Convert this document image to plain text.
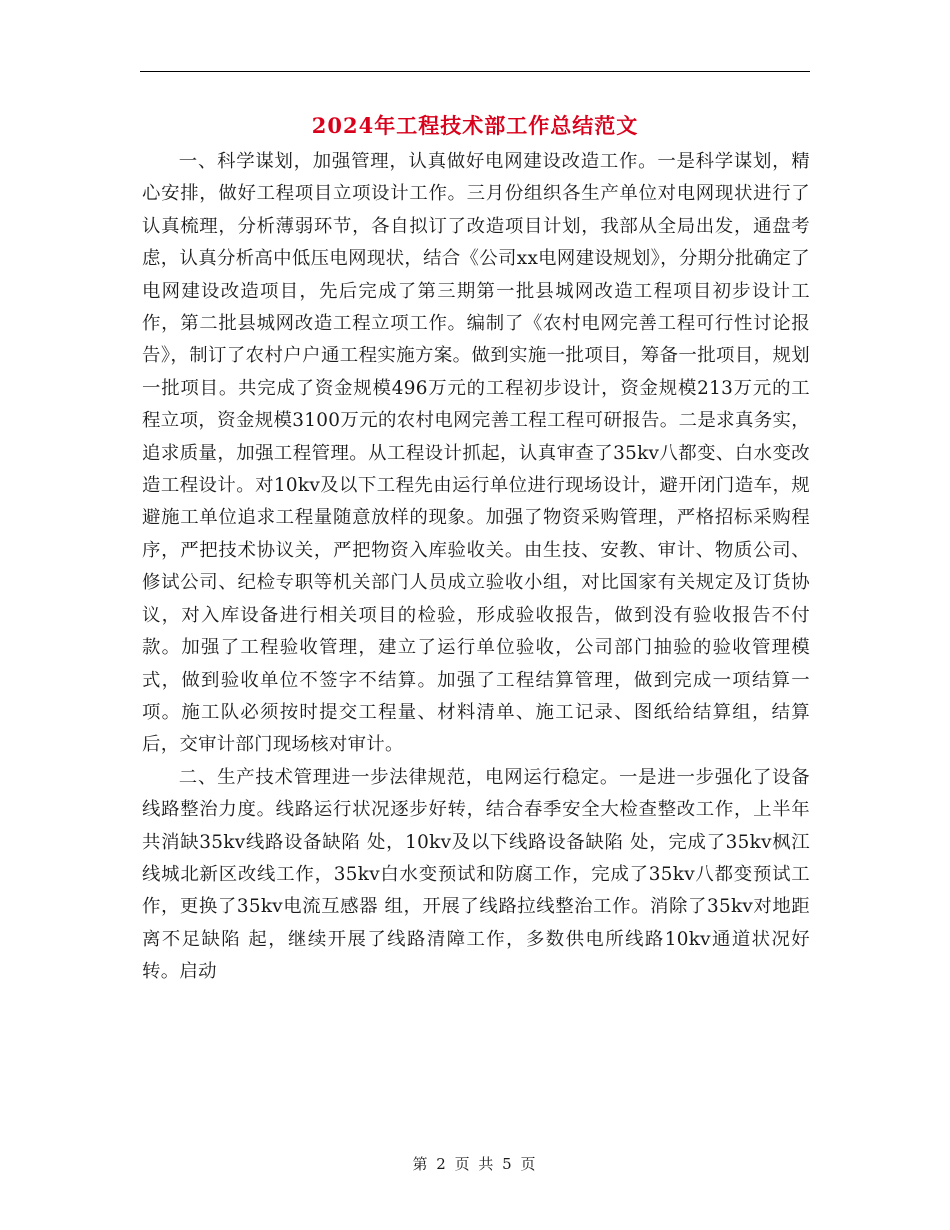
2024年工程技术部工作总结范文

一、科学谋划，加强管理，认真做好电网建设改造工作。一是科学谋划，精心安排，做好工程项目立项设计工作。三月份组织各生产单位对电网现状进行了认真梳理，分析薄弱环节，各自拟订了改造项目计划，我部从全局出发，通盘考虑，认真分析高中低压电网现状，结合《公司xx电网建设规划》，分期分批确定了电网建设改造项目，先后完成了第三期第一批县城网改造工程项目初步设计工作，第二批县城网改造工程立项工作。编制了《农村电网完善工程可行性讨论报告》，制订了农村户户通工程实施方案。做到实施一批项目，筹备一批项目，规划一批项目。共完成了资金规模496万元的工程初步设计，资金规模213万元的工程立项，资金规模3100万元的农村电网完善工程工程可研报告。二是求真务实，追求质量，加强工程管理。从工程设计抓起，认真审查了35kv八都变、白水变改造工程设计。对10kv及以下工程先由运行单位进行现场设计，避开闭门造车，规避施工单位追求工程量随意放样的现象。加强了物资采购管理，严格招标采购程序，严把技术协议关，严把物资入库验收关。由生技、安教、审计、物质公司、修试公司、纪检专职等机关部门人员成立验收小组，对比国家有关规定及订货协议，对入库设备进行相关项目的检验，形成验收报告，做到没有验收报告不付款。加强了工程验收管理，建立了运行单位验收，公司部门抽验的验收管理模式，做到验收单位不签字不结算。加强了工程结算管理，做到完成一项结算一项。施工队必须按时提交工程量、材料清单、施工记录、图纸给结算组，结算后，交审计部门现场核对审计。

二、生产技术管理进一步法律规范，电网运行稳定。一是进一步强化了设备线路整治力度。线路运行状况逐步好转，结合春季安全大检查整改工作，上半年共消缺35kv线路设备缺陷 处，10kv及以下线路设备缺陷 处，完成了35kv枫江线城北新区改线工作，35kv白水变预试和防腐工作，完成了35kv八都变预试工作，更换了35kv电流互感器 组，开展了线路拉线整治工作。消除了35kv对地距离不足缺陷 起，继续开展了线路清障工作，多数供电所线路10kv通道状况好转。启动

第 2 页 共 5 页
